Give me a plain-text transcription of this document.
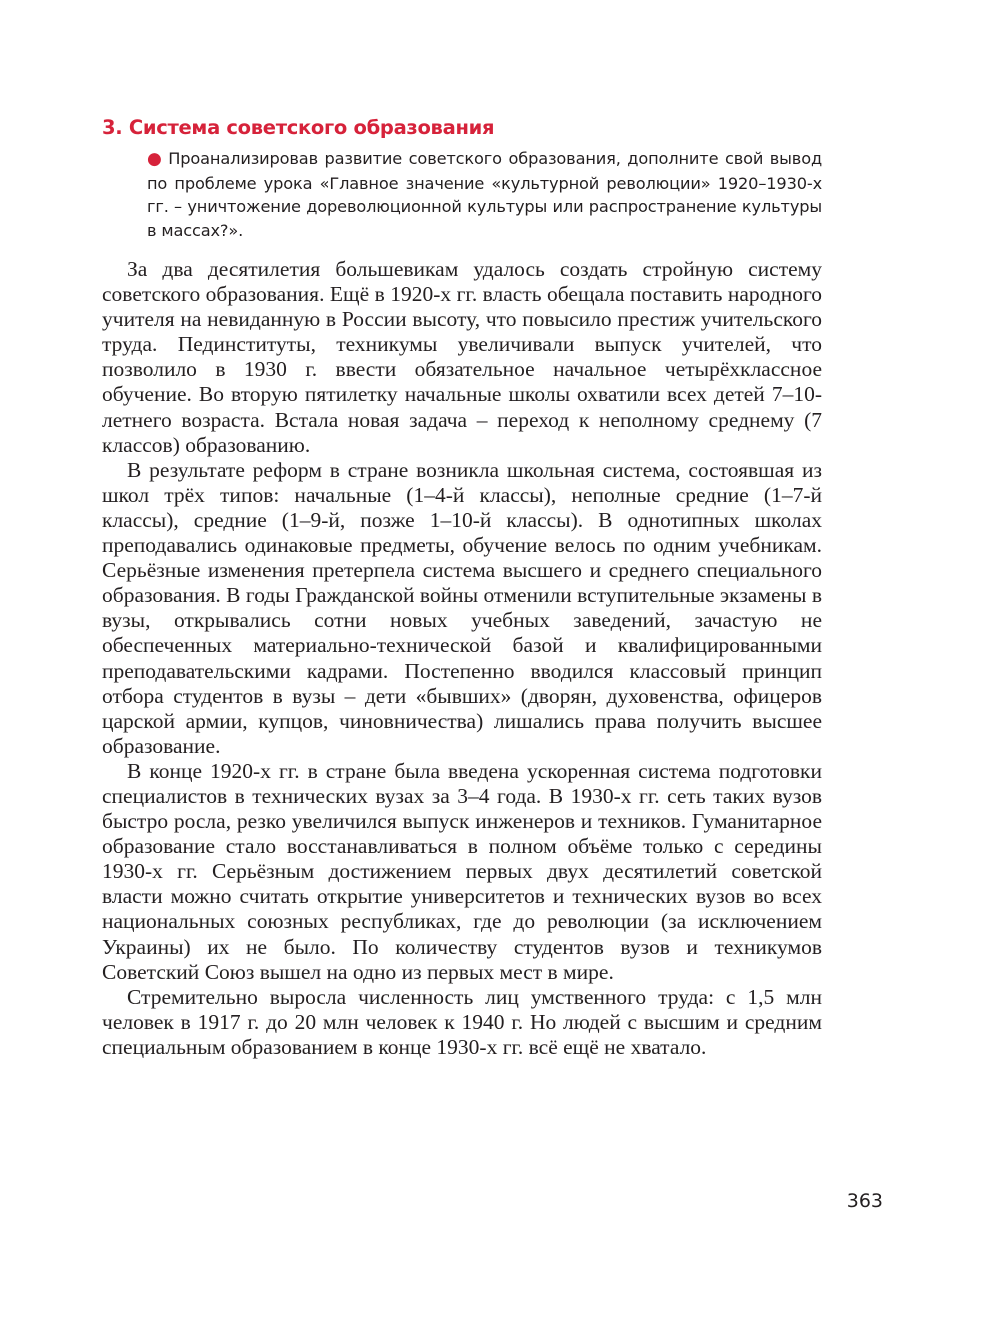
3. Система советского образования

● Проанализировав развитие советского образования, дополните свой вывод по проблеме урока «Главное значение «культурной революции» 1920–1930-х гг. – уничтожение дореволюционной культуры или распространение культуры в массах?».

За два десятилетия большевикам удалось создать стройную систему советского образования. Ещё в 1920-х гг. власть обещала поставить народного учителя на невиданную в России высоту, что повысило престиж учительского труда. Пединституты, техникумы увеличивали выпуск учителей, что позволило в 1930 г. ввести обязательное начальное четырёхклассное обучение. Во вторую пятилетку начальные школы охватили всех детей 7–10-летнего возраста. Встала новая задача – переход к неполному среднему (7 классов) образованию.

В результате реформ в стране возникла школьная система, состоявшая из школ трёх типов: начальные (1–4-й классы), неполные средние (1–7-й классы), средние (1–9-й, позже 1–10-й классы). В однотипных школах преподавались одинаковые предметы, обучение велось по одним учебникам. Серьёзные изменения претерпела система высшего и среднего специального образования. В годы Гражданской войны отменили вступительные экзамены в вузы, открывались сотни новых учебных заведений, зачастую не обеспеченных материально-технической базой и квалифицированными преподавательскими кадрами. Постепенно вводился классовый принцип отбора студентов в вузы – дети «бывших» (дворян, духовенства, офицеров царской армии, купцов, чиновничества) лишались права получить высшее образование.

В конце 1920-х гг. в стране была введена ускоренная система подготовки специалистов в технических вузах за 3–4 года. В 1930-х гг. сеть таких вузов быстро росла, резко увеличился выпуск инженеров и техников. Гуманитарное образование стало восстанавливаться в полном объёме только с середины 1930-х гг. Серьёзным достижением первых двух десятилетий советской власти можно считать открытие университетов и технических вузов во всех национальных союзных республиках, где до революции (за исключением Украины) их не было. По количеству студентов вузов и техникумов Советский Союз вышел на одно из первых мест в мире.

Стремительно выросла численность лиц умственного труда: с 1,5 млн человек в 1917 г. до 20 млн человек к 1940 г. Но людей с высшим и средним специальным образованием в конце 1930-х гг. всё ещё не хватало.

363
